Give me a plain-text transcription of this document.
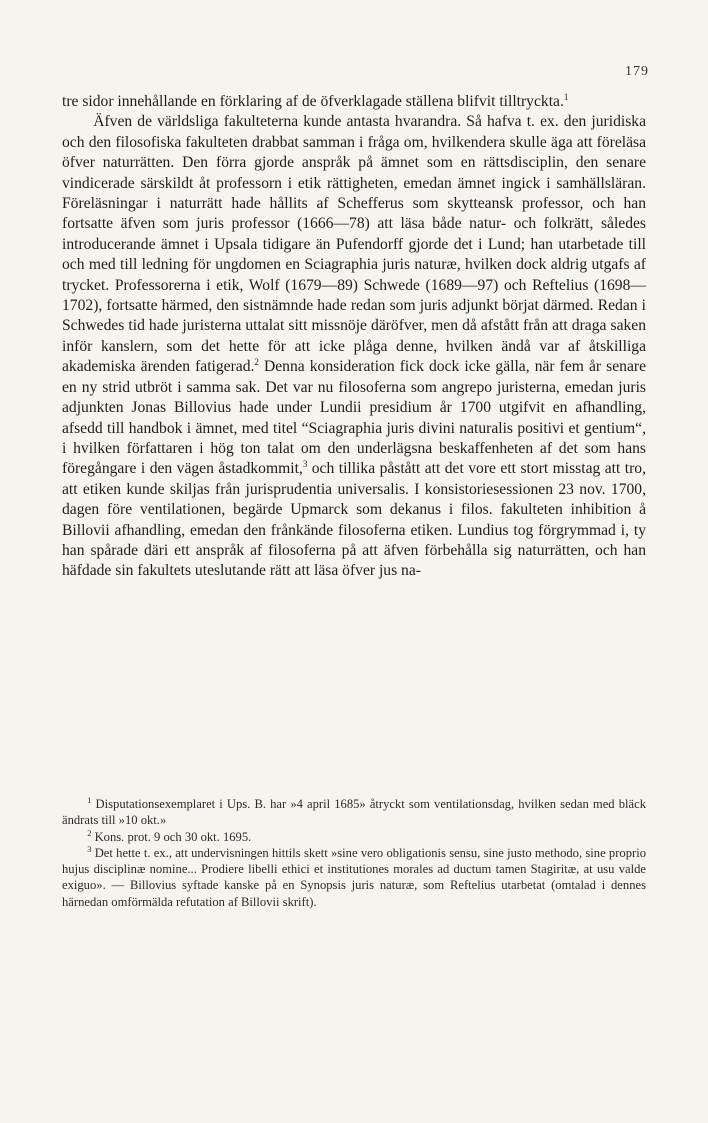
179

tre sidor innehållande en förklaring af de öfverklagade ställena blifvit tilltryckta.$^1$

Äfven de världsliga fakulteterna kunde antasta hvarandra. Så hafva t. ex. den juridiska och den filosofiska fakulteten drabbat samman i fråga om, hvilkendera skulle äga att föreläsa öfver naturrätten. Den förra gjorde anspråk på ämnet som en rättsdisciplin, den senare vindicerade särskildt åt professorn i etik rättigheten, emedan ämnet ingick i samhällsläran. Föreläsningar i naturrätt hade hållits af Schefferus som skytteansk professor, och han fortsatte äfven som juris professor (1666—78) att läsa både natur- och folkrätt, således introducerande ämnet i Upsala tidigare än Pufendorff gjorde det i Lund; han utarbetade till och med till ledning för ungdomen en Sciagraphia juris naturæ, hvilken dock aldrig utgafs af trycket. Professorerna i etik, Wolf (1679—89) Schwede (1689—97) och Reftelius (1698—1702), fortsatte härmed, den sistnämnde hade redan som juris adjunkt börjat därmed. Redan i Schwedes tid hade juristerna uttalat sitt missnöje däröfver, men då afstått från att draga saken inför kanslern, som det hette för att icke plåga denne, hvilken ändå var af åtskilliga akademiska ärenden fatigerad.$^2$ Denna konsideration fick dock icke gälla, när fem år senare en ny strid utbröt i samma sak. Det var nu filosoferna som angrepo juristerna, emedan juris adjunkten Jonas Billovius hade under Lundii presidium år 1700 utgifvit en afhandling, afsedd till handbok i ämnet, med titel “Sciagraphia juris divini naturalis positivi et gentium“, i hvilken författaren i hög ton talat om den underlägsna beskaffenheten af det som hans föregångare i den vägen åstadkommit,$^3$ och tillika påstått att det vore ett stort misstag att tro, att etiken kunde skiljas från jurisprudentia universalis. I konsistoriesessionen 23 nov. 1700, dagen före ventilationen, begärde Upmarck som dekanus i filos. fakulteten inhibition å Billovii afhandling, emedan den frånkände filosoferna etiken. Lundius tog förgrymmad i, ty han spårade däri ett anspråk af filosoferna på att äfven förbehålla sig naturrätten, och han häfdade sin fakultets uteslutande rätt att läsa öfver jus na-

$^1$ Disputationsexemplaret i Ups. B. har »4 april 1685» åtryckt som ventilationsdag, hvilken sedan med bläck ändrats till »10 okt.»

$^2$ Kons. prot. 9 och 30 okt. 1695.

$^3$ Det hette t. ex., att undervisningen hittils skett »sine vero obligationis sensu, sine justo methodo, sine proprio hujus disciplinæ nomine... Prodiere libelli ethici et institutiones morales ad ductum tamen Stagiritæ, at usu valde exiguo». — Billovius syftade kanske på en Synopsis juris naturæ, som Reftelius utarbetat (omtalad i dennes härnedan omförmälda refutation af Billovii skrift).
